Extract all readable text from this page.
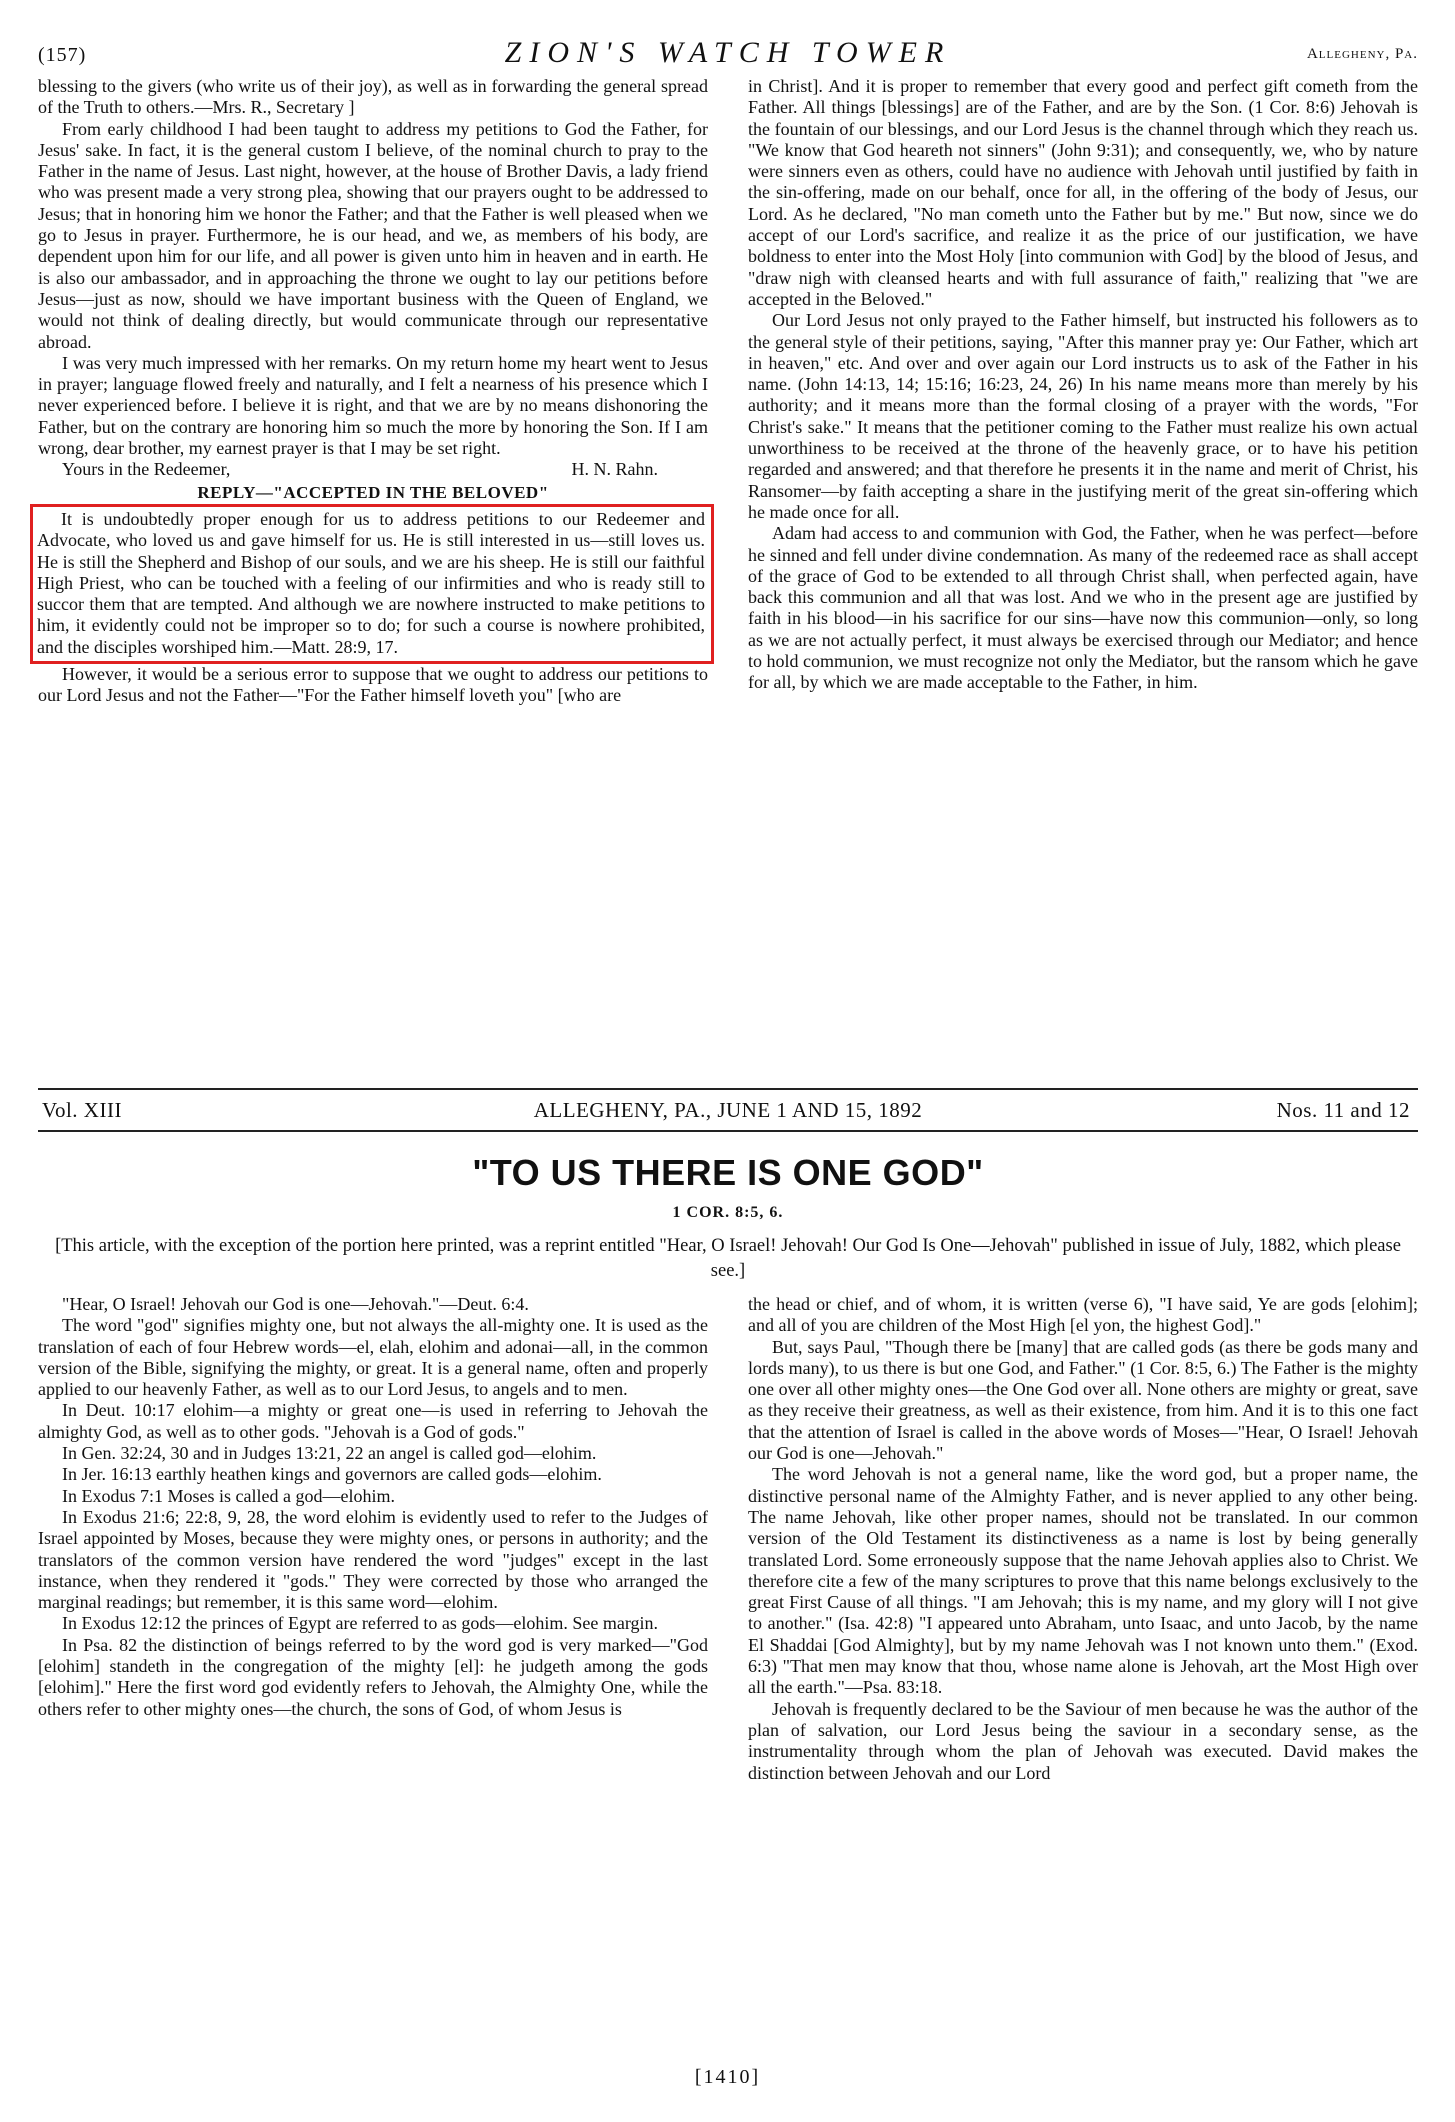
(157)	ZION'S WATCH TOWER	Allegheny, Pa.

blessing to the givers (who write us of their joy), as well as in forwarding the general spread of the Truth to others.—Mrs. R., Secretary ]

From early childhood I had been taught to address my petitions to God the Father, for Jesus' sake. In fact, it is the general custom I believe, of the nominal church to pray to the Father in the name of Jesus. Last night, however, at the house of Brother Davis, a lady friend who was present made a very strong plea, showing that our prayers ought to be addressed to Jesus; that in honoring him we honor the Father; and that the Father is well pleased when we go to Jesus in prayer. Furthermore, he is our head, and we, as members of his body, are dependent upon him for our life, and all power is given unto him in heaven and in earth. He is also our ambassador, and in approaching the throne we ought to lay our petitions before Jesus—just as now, should we have important business with the Queen of England, we would not think of dealing directly, but would communicate through our representative abroad.

I was very much impressed with her remarks. On my return home my heart went to Jesus in prayer; language flowed freely and naturally, and I felt a nearness of his presence which I never experienced before. I believe it is right, and that we are by no means dishonoring the Father, but on the contrary are honoring him so much the more by honoring the Son. If I am wrong, dear brother, my earnest prayer is that I may be set right.

Yours in the Redeemer,	H. N. Rahn.

REPLY—"ACCEPTED IN THE BELOVED"

It is undoubtedly proper enough for us to address petitions to our Redeemer and Advocate, who loved us and gave himself for us. He is still interested in us—still loves us. He is still the Shepherd and Bishop of our souls, and we are his sheep. He is still our faithful High Priest, who can be touched with a feeling of our infirmities and who is ready still to succor them that are tempted. And although we are nowhere instructed to make petitions to him, it evidently could not be improper so to do; for such a course is nowhere prohibited, and the disciples worshiped him.—Matt. 28:9, 17.

However, it would be a serious error to suppose that we ought to address our petitions to our Lord Jesus and not the Father—"For the Father himself loveth you" [who are

in Christ]. And it is proper to remember that every good and perfect gift cometh from the Father. All things [blessings] are of the Father, and are by the Son. (1 Cor. 8:6) Jehovah is the fountain of our blessings, and our Lord Jesus is the channel through which they reach us. "We know that God heareth not sinners" (John 9:31); and consequently, we, who by nature were sinners even as others, could have no audience with Jehovah until justified by faith in the sin-offering, made on our behalf, once for all, in the offering of the body of Jesus, our Lord. As he declared, "No man cometh unto the Father but by me." But now, since we do accept of our Lord's sacrifice, and realize it as the price of our justification, we have boldness to enter into the Most Holy [into communion with God] by the blood of Jesus, and "draw nigh with cleansed hearts and with full assurance of faith," realizing that "we are accepted in the Beloved."

Our Lord Jesus not only prayed to the Father himself, but instructed his followers as to the general style of their petitions, saying, "After this manner pray ye: Our Father, which art in heaven," etc. And over and over again our Lord instructs us to ask of the Father in his name. (John 14:13, 14; 15:16; 16:23, 24, 26) In his name means more than merely by his authority; and it means more than the formal closing of a prayer with the words, "For Christ's sake." It means that the petitioner coming to the Father must realize his own actual unworthiness to be received at the throne of the heavenly grace, or to have his petition regarded and answered; and that therefore he presents it in the name and merit of Christ, his Ransomer—by faith accepting a share in the justifying merit of the great sin-offering which he made once for all.

Adam had access to and communion with God, the Father, when he was perfect—before he sinned and fell under divine condemnation. As many of the redeemed race as shall accept of the grace of God to be extended to all through Christ shall, when perfected again, have back this communion and all that was lost. And we who in the present age are justified by faith in his blood—in his sacrifice for our sins—have now this communion—only, so long as we are not actually perfect, it must always be exercised through our Mediator; and hence to hold communion, we must recognize not only the Mediator, but the ransom which he gave for all, by which we are made acceptable to the Father, in him.

Vol. XIII	ALLEGHENY, PA., JUNE 1 AND 15, 1892	Nos. 11 and 12
"TO US THERE IS ONE GOD"
1 COR. 8:5, 6.
[This article, with the exception of the portion here printed, was a reprint entitled "Hear, O Israel! Jehovah! Our God Is One—Jehovah" published in issue of July, 1882, which please see.]

"Hear, O Israel! Jehovah our God is one—Jehovah."—Deut. 6:4.

The word "god" signifies mighty one, but not always the all-mighty one. It is used as the translation of each of four Hebrew words—el, elah, elohim and adonai—all, in the common version of the Bible, signifying the mighty, or great. It is a general name, often and properly applied to our heavenly Father, as well as to our Lord Jesus, to angels and to men.

In Deut. 10:17 elohim—a mighty or great one—is used in referring to Jehovah the almighty God, as well as to other gods. "Jehovah is a God of gods."

In Gen. 32:24, 30 and in Judges 13:21, 22 an angel is called god—elohim.

In Jer. 16:13 earthly heathen kings and governors are called gods—elohim.

In Exodus 7:1 Moses is called a god—elohim.

In Exodus 21:6; 22:8, 9, 28, the word elohim is evidently used to refer to the Judges of Israel appointed by Moses, because they were mighty ones, or persons in authority; and the translators of the common version have rendered the word "judges" except in the last instance, when they rendered it "gods." They were corrected by those who arranged the marginal readings; but remember, it is this same word—elohim.

In Exodus 12:12 the princes of Egypt are referred to as gods—elohim. See margin.

In Psa. 82 the distinction of beings referred to by the word god is very marked—"God [elohim] standeth in the congregation of the mighty [el]: he judgeth among the gods [elohim]." Here the first word god evidently refers to Jehovah, the Almighty One, while the others refer to other mighty ones—the church, the sons of God, of whom Jesus is

the head or chief, and of whom, it is written (verse 6), "I have said, Ye are gods [elohim]; and all of you are children of the Most High [el yon, the highest God]."

But, says Paul, "Though there be [many] that are called gods (as there be gods many and lords many), to us there is but one God, and Father." (1 Cor. 8:5, 6.) The Father is the mighty one over all other mighty ones—the One God over all. None others are mighty or great, save as they receive their greatness, as well as their existence, from him. And it is to this one fact that the attention of Israel is called in the above words of Moses—"Hear, O Israel! Jehovah our God is one—Jehovah."

The word Jehovah is not a general name, like the word god, but a proper name, the distinctive personal name of the Almighty Father, and is never applied to any other being. The name Jehovah, like other proper names, should not be translated. In our common version of the Old Testament its distinctiveness as a name is lost by being generally translated Lord. Some erroneously suppose that the name Jehovah applies also to Christ. We therefore cite a few of the many scriptures to prove that this name belongs exclusively to the great First Cause of all things. "I am Jehovah; this is my name, and my glory will I not give to another." (Isa. 42:8) "I appeared unto Abraham, unto Isaac, and unto Jacob, by the name El Shaddai [God Almighty], but by my name Jehovah was I not known unto them." (Exod. 6:3) "That men may know that thou, whose name alone is Jehovah, art the Most High over all the earth."—Psa. 83:18.

Jehovah is frequently declared to be the Saviour of men because he was the author of the plan of salvation, our Lord Jesus being the saviour in a secondary sense, as the instrumentality through whom the plan of Jehovah was executed. David makes the distinction between Jehovah and our Lord

[1410]
